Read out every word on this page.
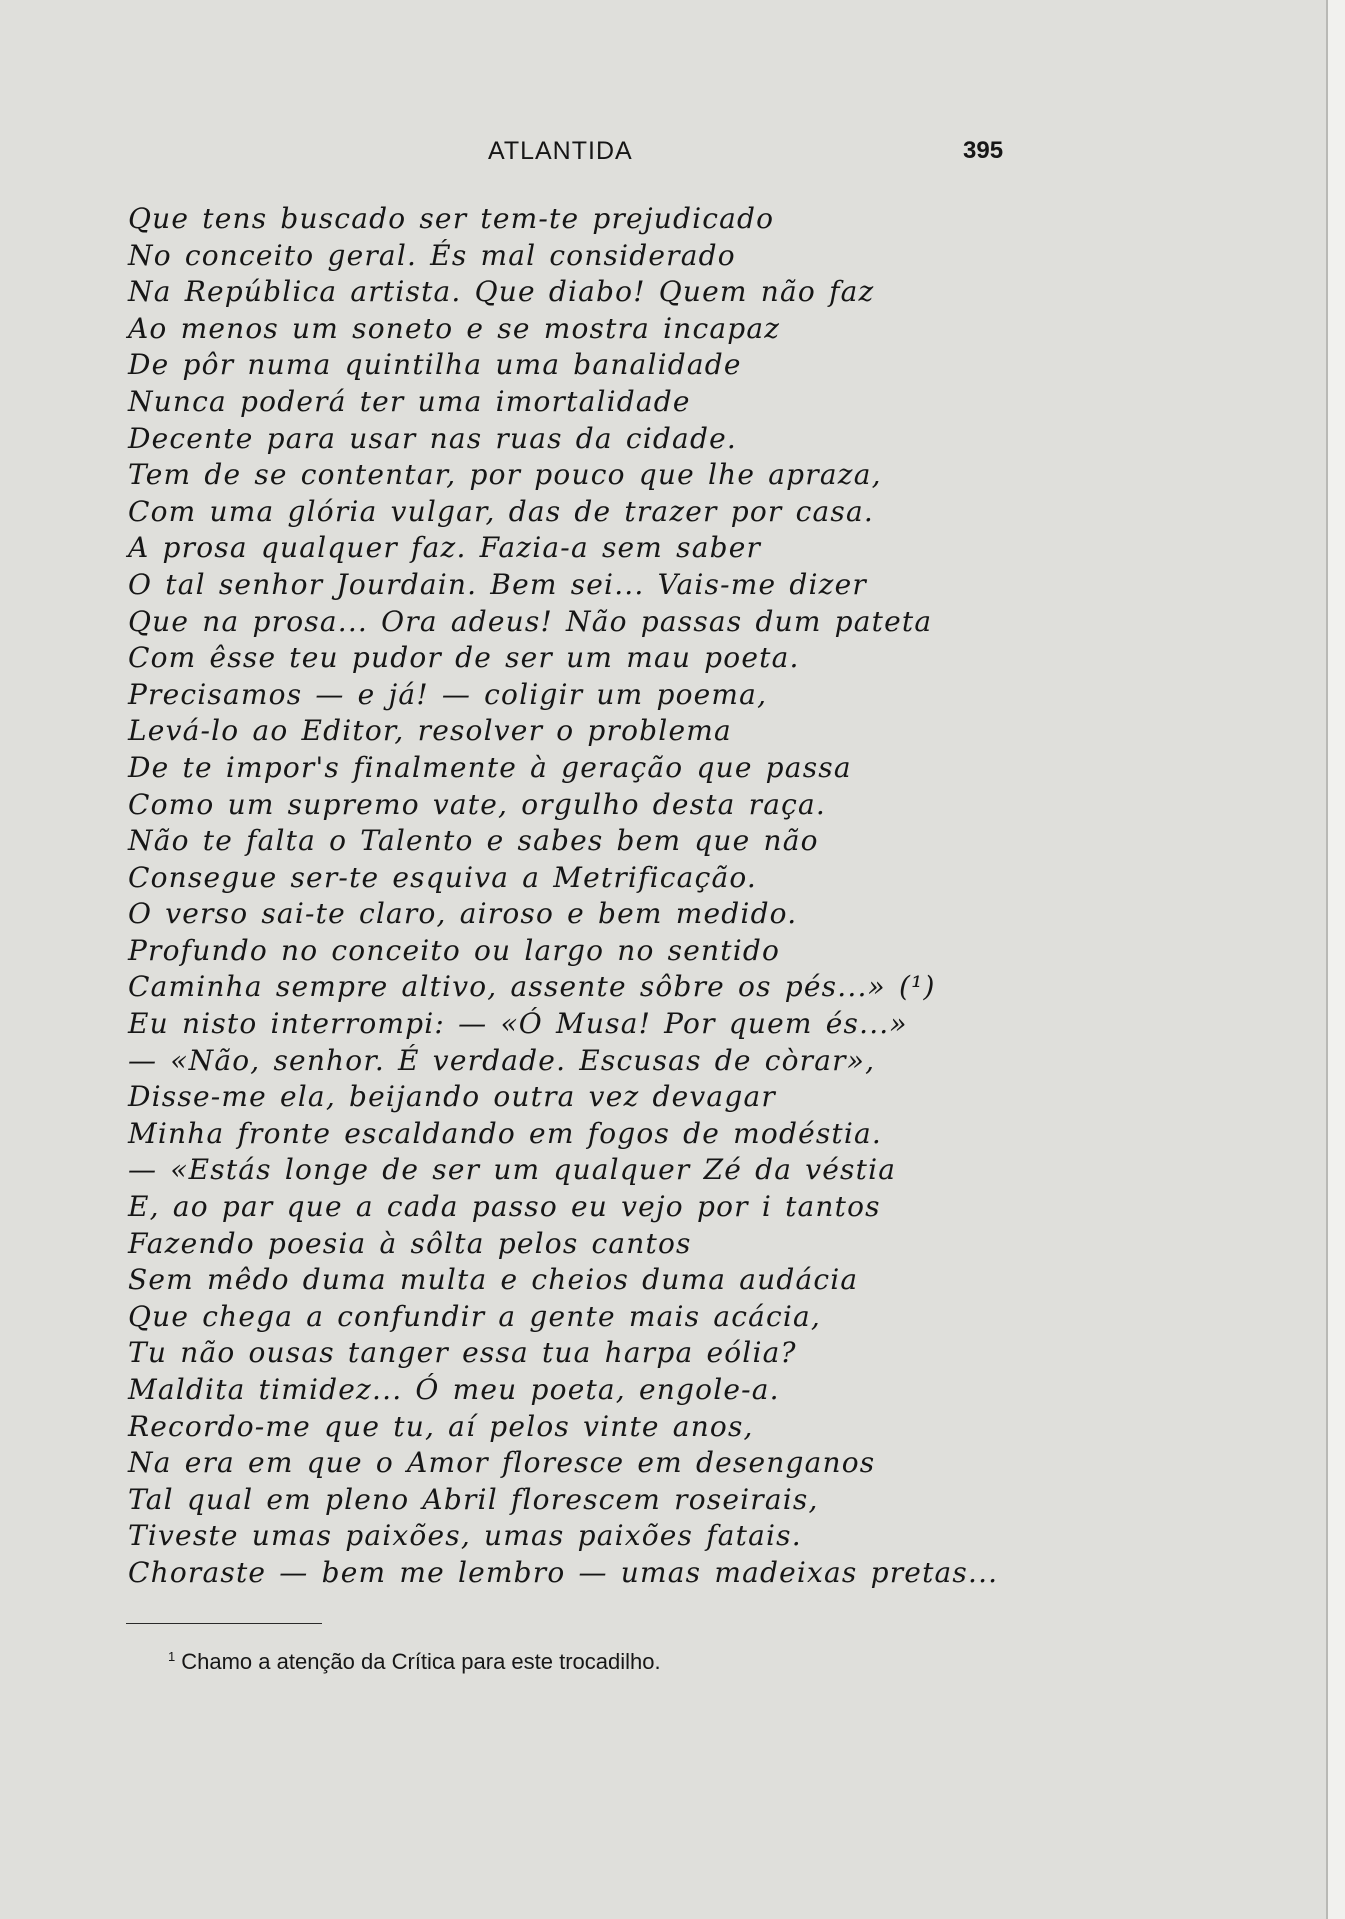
ATLANTIDA	395
Que tens buscado ser tem-te prejudicado
No conceito geral. És mal considerado
Na República artista. Que diabo! Quem não faz
Ao menos um soneto e se mostra incapaz
De pôr numa quintilha uma banalidade
Nunca poderá ter uma imortalidade
Decente para usar nas ruas da cidade.
Tem de se contentar, por pouco que lhe apraza,
Com uma glória vulgar, das de trazer por casa.
A prosa qualquer faz. Fazia-a sem saber
O tal senhor Jourdain. Bem sei... Vais-me dizer
Que na prosa... Ora adeus! Não passas dum pateta
Com êsse teu pudor de ser um mau poeta.
Precisamos — e já! — coligir um poema,
Levá-lo ao Editor, resolver o problema
De te impor's finalmente à geração que passa
Como um supremo vate, orgulho desta raça.
Não te falta o Talento e sabes bem que não
Consegue ser-te esquiva a Metrificação.
O verso sai-te claro, airoso e bem medido.
Profundo no conceito ou largo no sentido
Caminha sempre altivo, assente sôbre os pés...» (¹)
Eu nisto interrompi: — «Ó Musa! Por quem és...»
— «Não, senhor. É verdade. Escusas de còrar»,
Disse-me ela, beijando outra vez devagar
Minha fronte escaldando em fogos de modéstia.
— «Estás longe de ser um qualquer Zé da véstia
E, ao par que a cada passo eu vejo por i tantos
Fazendo poesia à sôlta pelos cantos
Sem mêdo duma multa e cheios duma audácia
Que chega a confundir a gente mais acácia,
Tu não ousas tanger essa tua harpa eólia?
Maldita timidez... Ó meu poeta, engole-a.
Recordo-me que tu, aí pelos vinte anos,
Na era em que o Amor floresce em desenganos
Tal qual em pleno Abril florescem roseirais,
Tiveste umas paixões, umas paixões fatais.
Choraste — bem me lembro — umas madeixas pretas...
$^1$ Chamo a atenção da Crítica para este trocadilho.
